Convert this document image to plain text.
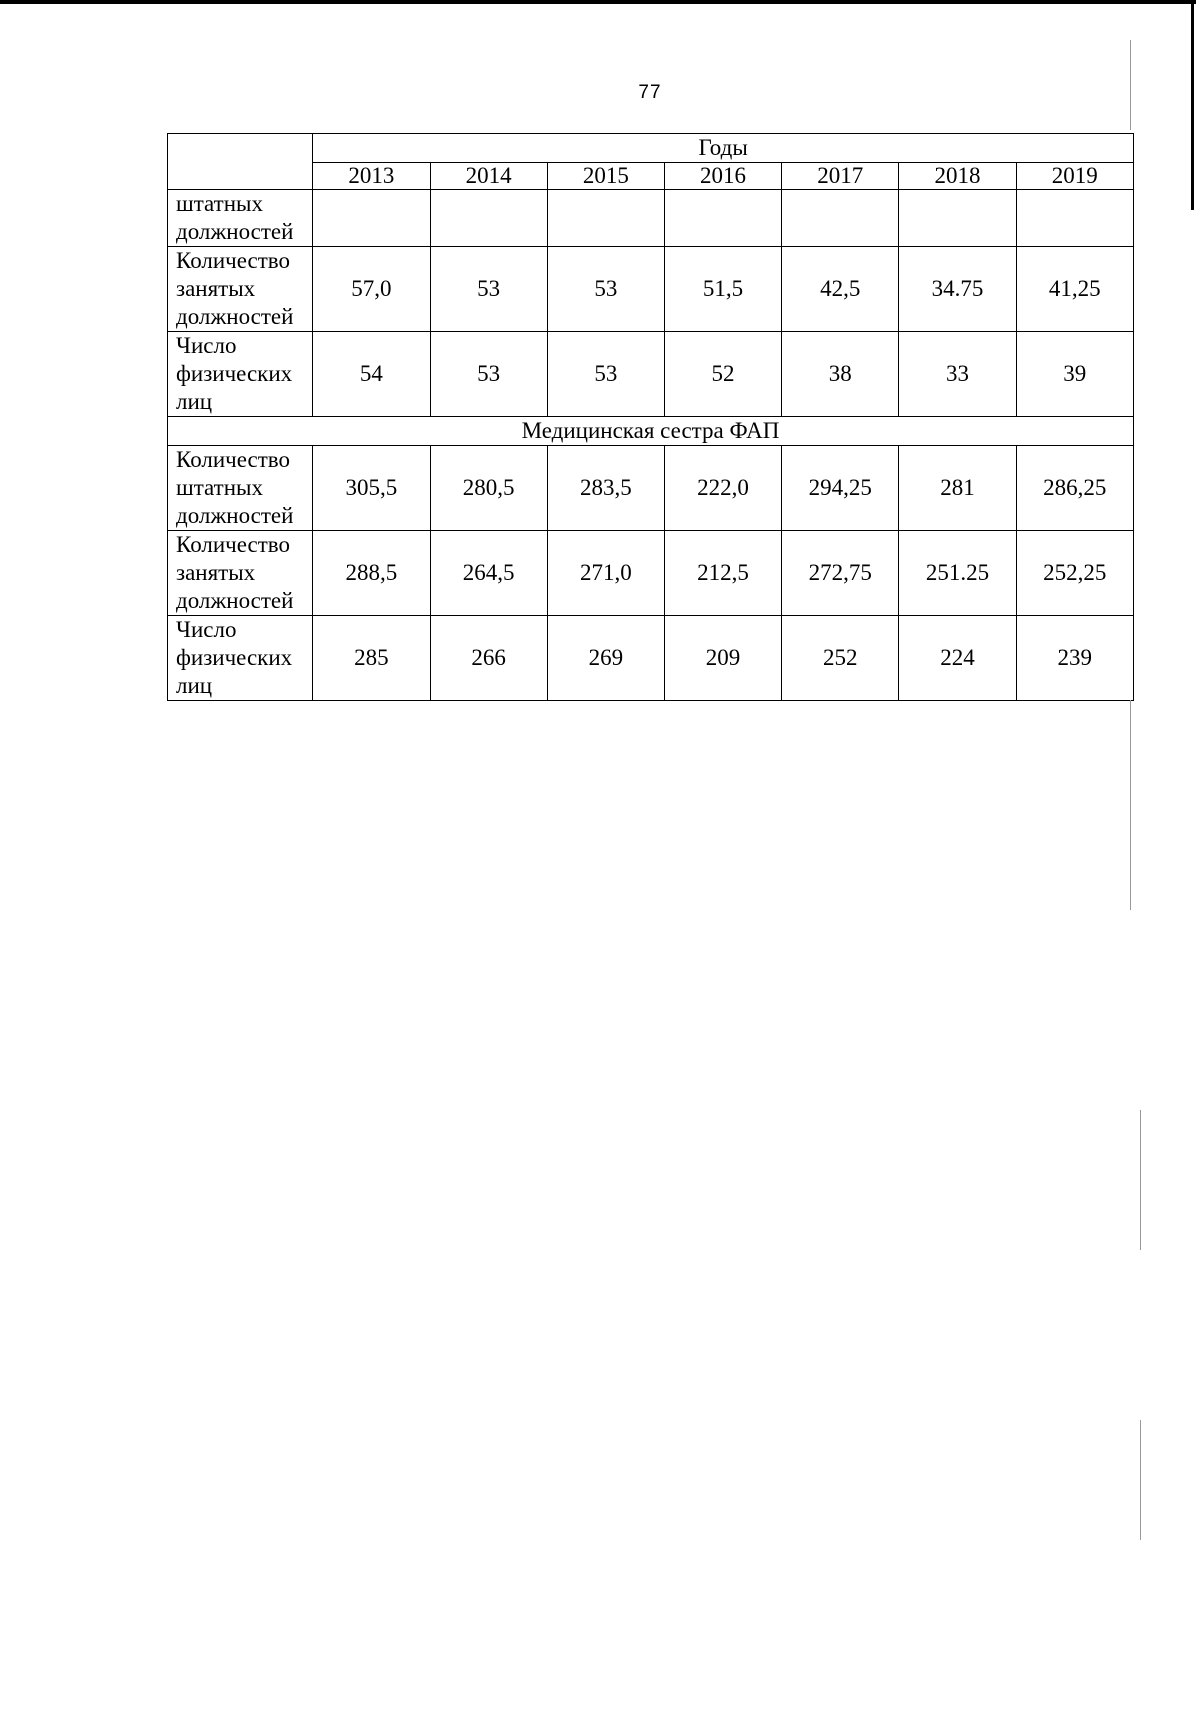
77
	Годы						
	2013	2014	2015	2016	2017	2018	2019

штатных
должностей							

Количество
занятых
должностей	57,0	53	53	51,5	42,5	34.75	41,25

Число
физических
лиц	54	53	53	52	38	33	39
Медицинская сестра ФАП							

Количество
штатных
должностей	305,5	280,5	283,5	222,0	294,25	281	286,25

Количество
занятых
должностей	288,5	264,5	271,0	212,5	272,75	251.25	252,25

Число
физических
лиц	285	266	269	209	252	224	239
